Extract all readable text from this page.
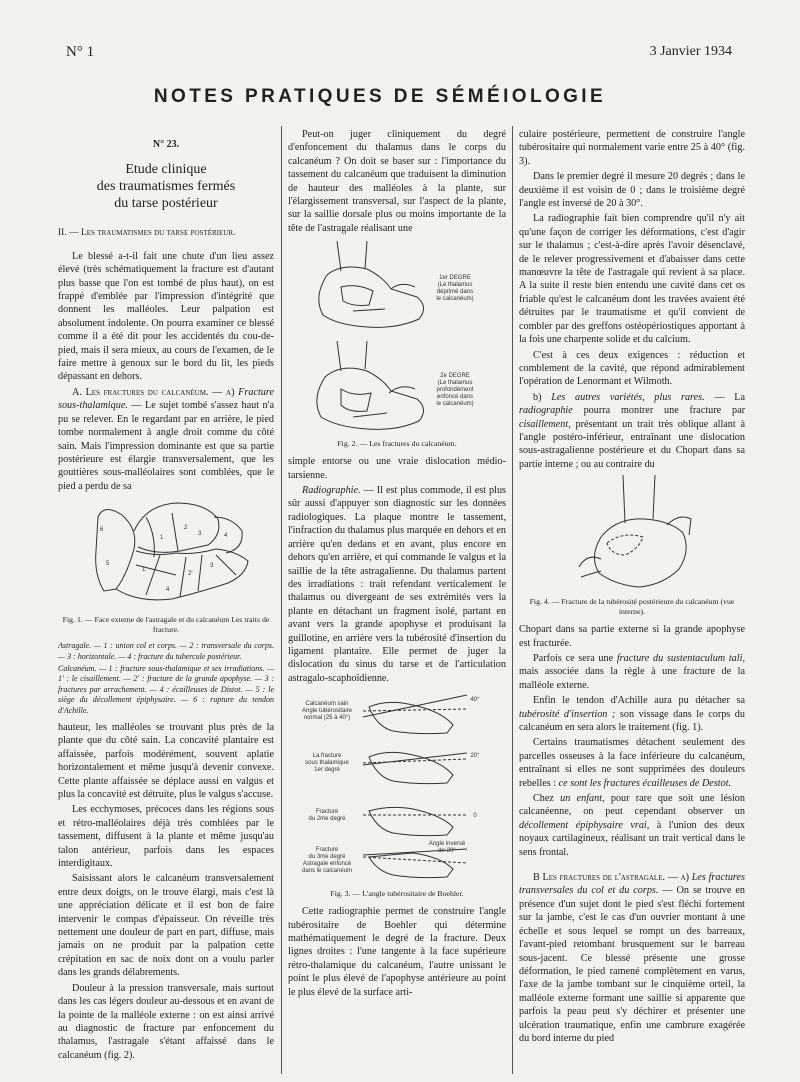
N° 1	3 Janvier 1934
NOTES PRATIQUES DE SÉMÉIOLOGIE
N° 23.
Etude clinique
des traumatismes fermés
du tarse postérieur
II. — Les traumatismes du tarse postérieur.

Le blessé a-t-il fait une chute d'un lieu assez élevé (très schématiquement la fracture est d'autant plus basse que l'on est tombé de plus haut), on est frappé d'emblée par l'impression d'intégrité que donnent les malléoles. Leur palpation est absolument indolente. On pourra examiner ce blessé comme il a été dit pour les accidentés du cou-de-pied, mais il sera mieux, au cours de l'examen, de le faire mettre à genoux sur le bord du lit, les pieds dépassant en dehors.

A. Les fractures du calcanéum. — a) Fracture sous-thalamique. — Le sujet tombé s'assez haut n'a pu se relever. En le regardant par en arrière, le pied tombe normalement à angle droit comme du côté sain. Mais l'impression dominante est que sa partie postérieure est élargie transversalement, que les gouttières sous-malléolaires sont comblées, que le pied a perdu de sa

1
2
3	4
1'
2'
3
4
5
6
Fig. 1. — Face externe de l'astragale et du calcanéum Les traits de fracture.

Astragale. — 1 : union col et corps. — 2 : transversale du corps. — 3 : horizontale. — 4 : fracture du tubercule postérieur.

Calcanéum. — 1 : fracture sous-thalamique et ses irradiations. — 1' : le cisaillement. — 2' : fracture de la grande apophyse. — 3 : fractures par arrachement. — 4 : écailleuses de Distot. — 5 : le siège du décollement épiphysaire. — 6 : rupture du tendon d'Achille.

hauteur, les malléoles se trouvant plus près de la plante que du côté sain. La concavité plantaire est affaissée, parfois modérément, souvent aplatie horizontalement et même jusqu'à devenir convexe. Cette plante affaissée se déplace aussi en valgus et plus la concavité est détruite, plus le valgus s'accuse.

Les ecchymoses, précoces dans les régions sous et rétro-malléolaires déjà très comblées par le tassement, diffusent à la plante et même jusqu'au talon antérieur, parfois dans les espaces interdigitaux.

Saisissant alors le calcanéum transversalement entre deux doigts, on le trouve élargi, mais c'est là une appréciation délicate et il est bon de faire intervenir le compas d'épaisseur. On réveille très nettement une douleur de part en part, diffuse, mais jamais on ne produit par la palpation cette crépitation en sac de noix dont on a voulu parler dans les grands délabrements.

Douleur à la pression transversale, mais surtout dans les cas légers douleur au-dessous et en avant de la pointe de la malléole externe : on est ainsi arrivé au diagnostic de fracture par enfoncement du thalamus, l'astragale s'étant affaissé dans le calcanéum (fig. 2).

Peut-on juger cliniquement du degré d'enfoncement du thalamus dans le corps du calcanéum ? On doit se baser sur : l'importance du tassement du calcanéum que traduisent la diminution de hauteur des malléoles à la plante, sur l'élargissement transversal, sur l'aspect de la plante, sur la saillie dorsale plus ou moins importante de la tête de l'astragale réalisant une

1er DEGRE
(Le thalamus
déprimé dans
le calcanéum)
2e DEGRE
(Le thalamus
profondément
enfoncé dans
le calcanéum)
Fig. 2. — Les fractures du calcanéum.

simple entorse ou une vraie dislocation médio-tarsienne.

Radiographie. — Il est plus commode, il est plus sûr aussi d'appuyer son diagnostic sur les données radiologiques. La plaque montre le tassement, l'infraction du thalamus plus marquée en dehors et en arrière qu'en dedans et en avant, plus encore en dehors qu'en arrière, et qui commande le valgus et la saillie de la tête astragalienne. Du thalamus partent des irradiations : trait refendant verticalement le thalamus ou divergeant de ses extrémités vers la plante en détachant un fragment isolé, partant en avant vers la grande apophyse et produisant la guillotine, en arrière vers la tubérosité d'insertion du ligament plantaire. Elle permet de juger la dislocation du sinus du tarse et de l'articulation astragalo-scaphoïdienne.

Calcanéum sain
Angle tubérositaire
normal (25 à 40°)
40°
La fracture
sous thalamique
1er degré
20°
Fracture
du 2me degré	0
Fracture
du 3me degré
Astragale enfoncé
dans le calcanéum
Angle inversé
de 20°
Fig. 3. — L'angle tubérositaire de Boehler.

Cette radiographie permet de construire l'angle tubérositaire de Boehler qui détermine mathématiquement le degré de la fracture. Deux lignes droites : l'une tangente à la face supérieure rétro-thalamique du calcanéum, l'autre unissant le point le plus élevé de l'apophyse antérieure au point le plus élevé de la surface arti-

culaire postérieure, permettent de construire l'angle tubérositaire qui normalement varie entre 25 à 40° (fig. 3).

Dans le premier degré il mesure 20 degrés ; dans le deuxième il est voisin de 0 ; dans le troisième degré l'angle est inversé de 20 à 30°.

La radiographie fait bien comprendre qu'il n'y ait qu'une façon de corriger les déformations, c'est d'agir sur le thalamus ; c'est-à-dire après l'avoir désenclavé, de le relever progressivement et d'abaisser dans cette manœuvre la tête de l'astragale qui revient à sa place. A la suite il reste bien entendu une cavité dans cet os friable qu'est le calcanéum dont les travées avaient été détruites par le traumatisme et qu'il convient de combler par des greffons ostéopériostiques apportant à la fois une charpente solide et du calcium.

C'est à ces deux exigences : réduction et comblement de la cavité, que répond admirablement l'opération de Lenormant et Wilmoth.

b) Les autres variétés, plus rares. — La radiographie pourra montrer une fracture par cisaillement, présentant un trait très oblique allant à l'angle postéro-inférieur, entraînant une dislocation sous-astragalienne postérieure et du Chopart dans sa partie interne ; ou au contraire du

Fig. 4. — Fracture de la tubérosité postérieure du calcanéum (vue interne).

Chopart dans sa partie externe si la grande apophyse est fracturée.

Parfois ce sera une fracture du sustentaculum tali, mais associée dans la règle à une fracture de la malléole externe.

Enfin le tendon d'Achille aura pu détacher sa tubérosité d'insertion ; son vissage dans le corps du calcanéum en sera alors le traitement (fig. 1).

Certains traumatismes détachent seulement des parcelles osseuses à la face inférieure du calcanéum, entraînant si elles ne sont supprimées des douleurs rebelles : ce sont les fractures écailleuses de Destot.

Chez un enfant, pour rare que soit une lésion calcanéenne, on peut cependant observer un décollement épiphysaire vrai, à l'union des deux noyaux cartilagineux, réalisant un trait vertical dans le sens frontal.

B Les fractures de l'astragale. — a) Les fractures transversales du col et du corps. — On se trouve en présence d'un sujet dont le pied s'est fléchi fortement sur la jambe, c'est le cas d'un ouvrier montant à une échelle et sous lequel se rompt un des barreaux, l'avant-pied retombant brusquement sur le barreau sous-jacent. Ce blessé présente une grosse déformation, le pied ramené complètement en varus, l'axe de la jambe tombant sur le cinquième orteil, la malléole externe formant une saillie si apparente que parfois la peau peut s'y déchirer et présenter une ulcération traumatique, enfin une cambrure exagérée du bord interne du pied
